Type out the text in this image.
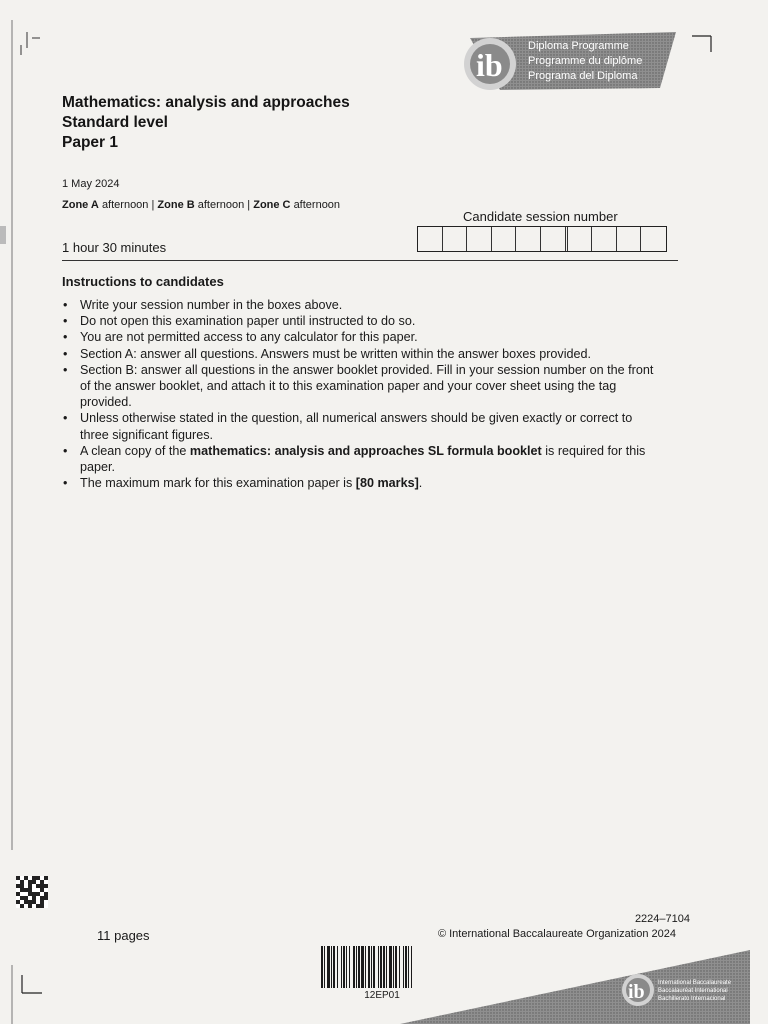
ib
Diploma Programme
Programme du diplôme
Programa del Diploma
Mathematics: analysis and approaches
Standard level
Paper 1
1 May 2024
Zone A afternoon | Zone B afternoon | Zone C afternoon
Candidate session number
1 hour 30 minutes
Instructions to candidates
• Write your session number in the boxes above.
• Do not open this examination paper until instructed to do so.
• You are not permitted access to any calculator for this paper.
• Section A: answer all questions. Answers must be written within the answer boxes provided.
• Section B: answer all questions in the answer booklet provided. Fill in your session number on the front of the answer booklet, and attach it to this examination paper and your cover sheet using the tag provided.
• Unless otherwise stated in the question, all numerical answers should be given exactly or correct to three significant figures.
• A clean copy of the mathematics: analysis and approaches SL formula booklet is required for this paper.
• The maximum mark for this examination paper is [80 marks].
11 pages
2224–7104
© International Baccalaureate Organization 2024
12EP01	ib International Baccalaureate
Baccalauréat International
Bachillerato Internacional
